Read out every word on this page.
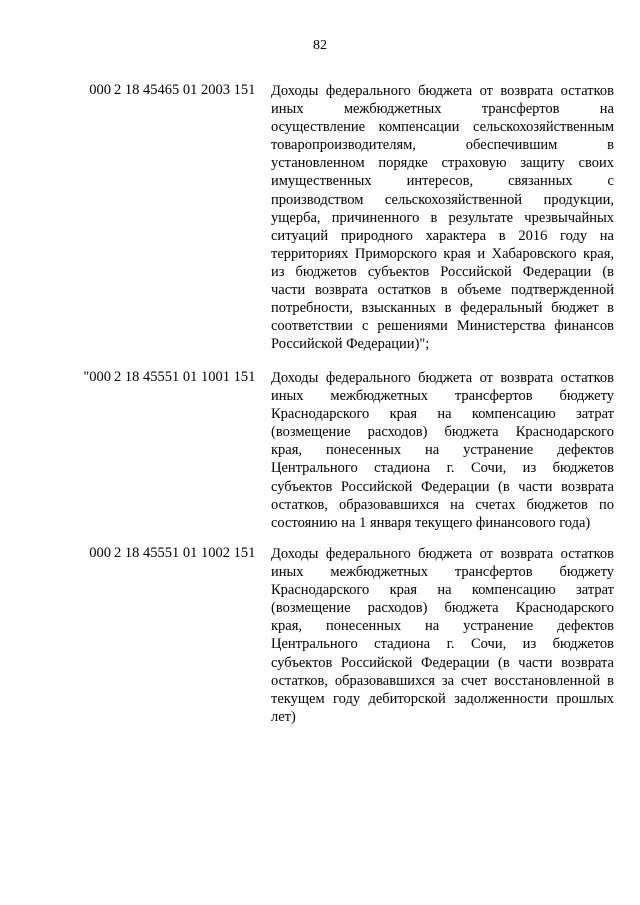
82
000 2 18 45465 01 2003 151 Доходы федерального бюджета от возврата остатков
иных межбюджетных трансфертов на
осуществление компенсации сельскохозяйственным
товаропроизводителям, обеспечившим в
установленном порядке страховую защиту своих
имущественных интересов, связанных с
производством сельскохозяйственной продукции,
ущерба, причиненного в результате чрезвычайных
ситуаций природного характера в 2016 году на
территориях Приморского края и Хабаровского края,
из бюджетов субъектов Российской Федерации (в
части возврата остатков в объеме подтвержденной
потребности, взысканных в федеральный бюджет в
соответствии с решениями Министерства финансов
Российской Федерации)";
"000 2 18 45551 01 1001 151 Доходы федерального бюджета от возврата остатков
иных межбюджетных трансфертов бюджету
Краснодарского края на компенсацию затрат
(возмещение расходов) бюджета Краснодарского
края, понесенных на устранение дефектов
Центрального стадиона г. Сочи, из бюджетов
субъектов Российской Федерации (в части возврата
остатков, образовавшихся на счетах бюджетов по
состоянию на 1 января текущего финансового года)
000 2 18 45551 01 1002 151 Доходы федерального бюджета от возврата остатков
иных межбюджетных трансфертов бюджету
Краснодарского края на компенсацию затрат
(возмещение расходов) бюджета Краснодарского
края, понесенных на устранение дефектов
Центрального стадиона г. Сочи, из бюджетов
субъектов Российской Федерации (в части возврата
остатков, образовавшихся за счет восстановленной в
текущем году дебиторской задолженности прошлых
лет)
